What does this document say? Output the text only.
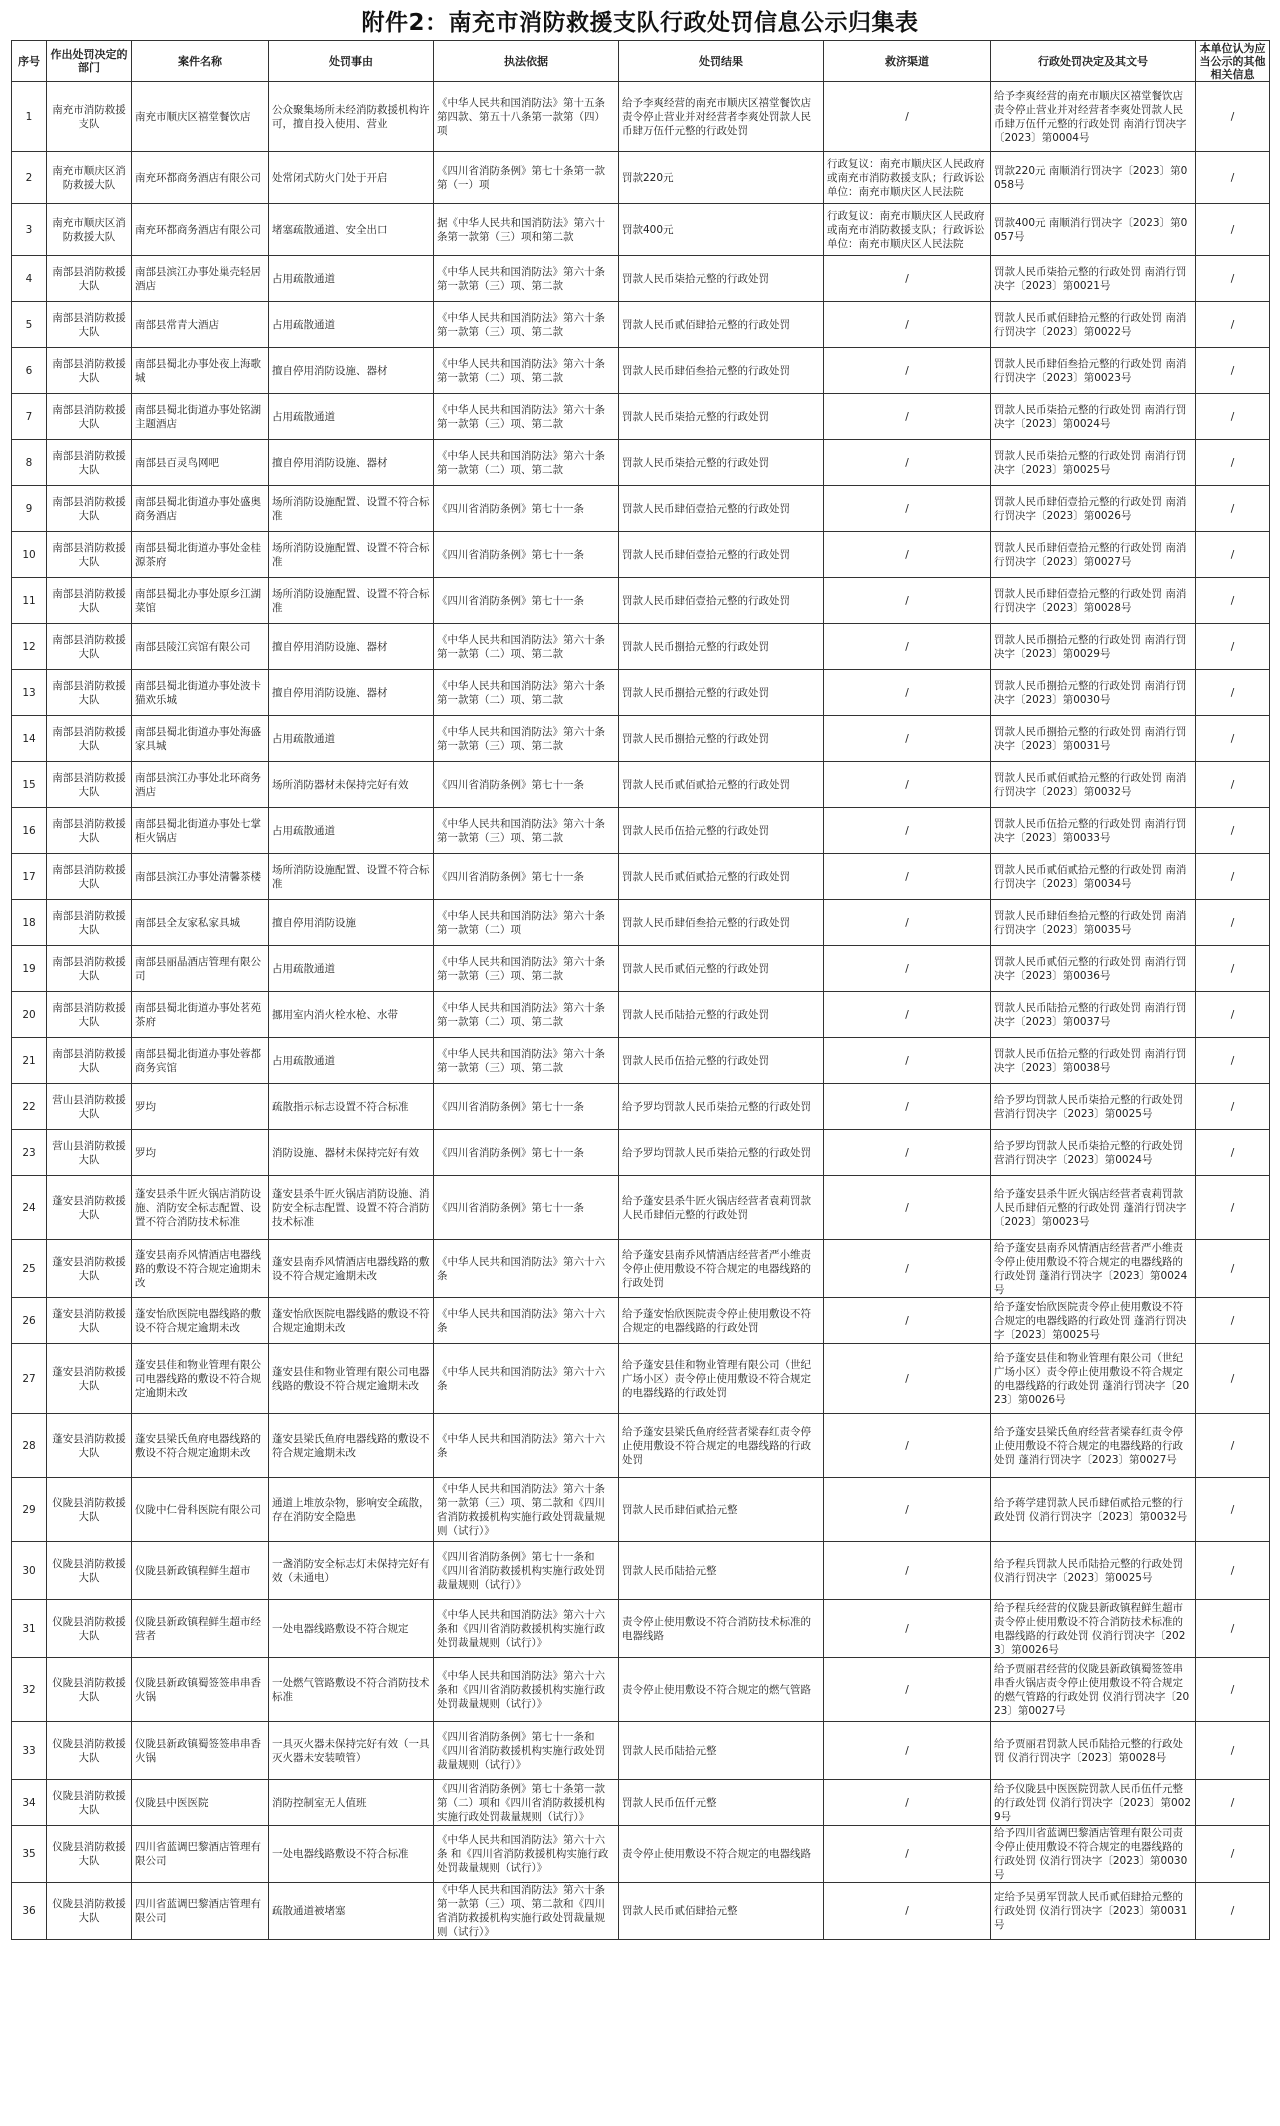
附件2：南充市消防救援支队行政处罚信息公示归集表
序号	作出处罚决定的部门	案件名称	处罚事由	执法依据	处罚结果	救济渠道	行政处罚决定及其文号	本单位认为应当公示的其他相关信息
1	南充市消防救援支队	南充市顺庆区禧堂餐饮店	公众聚集场所未经消防救援机构许可，擅自投入使用、营业	《中华人民共和国消防法》第十五条第四款、第五十八条第一款第（四）项	给予李爽经营的南充市顺庆区禧堂餐饮店责令停止营业并对经营者李爽处罚款人民币肆万伍仟元整的行政处罚	/	给予李爽经营的南充市顺庆区禧堂餐饮店责令停止营业并对经营者李爽处罚款人民币肆万伍仟元整的行政处罚 南消行罚决字〔2023〕第0004号	/
2	南充市顺庆区消防救援大队	南充环都商务酒店有限公司	处常闭式防火门处于开启	《四川省消防条例》第七十条第一款第（一）项	罚款220元	行政复议：南充市顺庆区人民政府或南充市消防救援支队；行政诉讼单位：南充市顺庆区人民法院	罚款220元 南顺消行罚决字〔2023〕第0058号	/
3	南充市顺庆区消防救援大队	南充环都商务酒店有限公司	堵塞疏散通道、安全出口	据《中华人民共和国消防法》第六十条第一款第（三）项和第二款	罚款400元	行政复议：南充市顺庆区人民政府或南充市消防救援支队；行政诉讼单位：南充市顺庆区人民法院	罚款400元 南顺消行罚决字〔2023〕第0057号	/
4	南部县消防救援大队	南部县滨江办事处巢壳轻居酒店	占用疏散通道	《中华人民共和国消防法》第六十条第一款第（三）项、第二款	罚款人民币柒拾元整的行政处罚	/	罚款人民币柒拾元整的行政处罚 南消行罚决字〔2023〕第0021号	/
5	南部县消防救援大队	南部县常青大酒店	占用疏散通道	《中华人民共和国消防法》第六十条第一款第（三）项、第二款	罚款人民币贰佰肆拾元整的行政处罚	/	罚款人民币贰佰肆拾元整的行政处罚 南消行罚决字〔2023〕第0022号	/
6	南部县消防救援大队	南部县蜀北办事处夜上海歌城	擅自停用消防设施、器材	《中华人民共和国消防法》第六十条第一款第（二）项、第二款	罚款人民币肆佰叁拾元整的行政处罚	/	罚款人民币肆佰叁拾元整的行政处罚 南消行罚决字〔2023〕第0023号	/
7	南部县消防救援大队	南部县蜀北街道办事处铭湖主题酒店	占用疏散通道	《中华人民共和国消防法》第六十条第一款第（三）项、第二款	罚款人民币柒拾元整的行政处罚	/	罚款人民币柒拾元整的行政处罚 南消行罚决字〔2023〕第0024号	/
8	南部县消防救援大队	南部县百灵鸟网吧	擅自停用消防设施、器材	《中华人民共和国消防法》第六十条第一款第（二）项、第二款	罚款人民币柒拾元整的行政处罚	/	罚款人民币柒拾元整的行政处罚 南消行罚决字〔2023〕第0025号	/
9	南部县消防救援大队	南部县蜀北街道办事处盛奥商务酒店	场所消防设施配置、设置不符合标准	《四川省消防条例》第七十一条	罚款人民币肆佰壹拾元整的行政处罚	/	罚款人民币肆佰壹拾元整的行政处罚 南消行罚决字〔2023〕第0026号	/
10	南部县消防救援大队	南部县蜀北街道办事处金桂源茶府	场所消防设施配置、设置不符合标准	《四川省消防条例》第七十一条	罚款人民币肆佰壹拾元整的行政处罚	/	罚款人民币肆佰壹拾元整的行政处罚 南消行罚决字〔2023〕第0027号	/
11	南部县消防救援大队	南部县蜀北办事处原乡江湖菜馆	场所消防设施配置、设置不符合标准	《四川省消防条例》第七十一条	罚款人民币肆佰壹拾元整的行政处罚	/	罚款人民币肆佰壹拾元整的行政处罚 南消行罚决字〔2023〕第0028号	/
12	南部县消防救援大队	南部县陵江宾馆有限公司	擅自停用消防设施、器材	《中华人民共和国消防法》第六十条第一款第（二）项、第二款	罚款人民币捌拾元整的行政处罚	/	罚款人民币捌拾元整的行政处罚 南消行罚决字〔2023〕第0029号	/
13	南部县消防救援大队	南部县蜀北街道办事处波卡猫欢乐城	擅自停用消防设施、器材	《中华人民共和国消防法》第六十条第一款第（二）项、第二款	罚款人民币捌拾元整的行政处罚	/	罚款人民币捌拾元整的行政处罚 南消行罚决字〔2023〕第0030号	/
14	南部县消防救援大队	南部县蜀北街道办事处海盛家具城	占用疏散通道	《中华人民共和国消防法》第六十条第一款第（三）项、第二款	罚款人民币捌拾元整的行政处罚	/	罚款人民币捌拾元整的行政处罚 南消行罚决字〔2023〕第0031号	/
15	南部县消防救援大队	南部县滨江办事处北环商务酒店	场所消防器材未保持完好有效	《四川省消防条例》第七十一条	罚款人民币贰佰贰拾元整的行政处罚	/	罚款人民币贰佰贰拾元整的行政处罚 南消行罚决字〔2023〕第0032号	/
16	南部县消防救援大队	南部县蜀北街道办事处七掌柜火锅店	占用疏散通道	《中华人民共和国消防法》第六十条第一款第（三）项、第二款	罚款人民币伍拾元整的行政处罚	/	罚款人民币伍拾元整的行政处罚 南消行罚决字〔2023〕第0033号	/
17	南部县消防救援大队	南部县滨江办事处清馨茶楼	场所消防设施配置、设置不符合标准	《四川省消防条例》第七十一条	罚款人民币贰佰贰拾元整的行政处罚	/	罚款人民币贰佰贰拾元整的行政处罚 南消行罚决字〔2023〕第0034号	/
18	南部县消防救援大队	南部县全友家私家具城	擅自停用消防设施	《中华人民共和国消防法》第六十条第一款第（二）项	罚款人民币肆佰叁拾元整的行政处罚	/	罚款人民币肆佰叁拾元整的行政处罚 南消行罚决字〔2023〕第0035号	/
19	南部县消防救援大队	南部县丽晶酒店管理有限公司	占用疏散通道	《中华人民共和国消防法》第六十条第一款第（三）项、第二款	罚款人民币贰佰元整的行政处罚	/	罚款人民币贰佰元整的行政处罚 南消行罚决字〔2023〕第0036号	/
20	南部县消防救援大队	南部县蜀北街道办事处茗苑茶府	挪用室内消火栓水枪、水带	《中华人民共和国消防法》第六十条第一款第（二）项、第二款	罚款人民币陆拾元整的行政处罚	/	罚款人民币陆拾元整的行政处罚 南消行罚决字〔2023〕第0037号	/
21	南部县消防救援大队	南部县蜀北街道办事处蓉都商务宾馆	占用疏散通道	《中华人民共和国消防法》第六十条第一款第（三）项、第二款	罚款人民币伍拾元整的行政处罚	/	罚款人民币伍拾元整的行政处罚 南消行罚决字〔2023〕第0038号	/
22	营山县消防救援大队	罗均	疏散指示标志设置不符合标准	《四川省消防条例》第七十一条	给予罗均罚款人民币柒拾元整的行政处罚	/	给予罗均罚款人民币柒拾元整的行政处罚 营消行罚决字〔2023〕第0025号	/
23	营山县消防救援大队	罗均	消防设施、器材未保持完好有效	《四川省消防条例》第七十一条	给予罗均罚款人民币柒拾元整的行政处罚	/	给予罗均罚款人民币柒拾元整的行政处罚 营消行罚决字〔2023〕第0024号	/
24	蓬安县消防救援大队	蓬安县杀牛匠火锅店消防设施、消防安全标志配置、设置不符合消防技术标准	蓬安县杀牛匠火锅店消防设施、消防安全标志配置、设置不符合消防技术标准	《四川省消防条例》第七十一条	给予蓬安县杀牛匠火锅店经营者袁莉罚款人民币肆佰元整的行政处罚	/	给予蓬安县杀牛匠火锅店经营者袁莉罚款人民币肆佰元整的行政处罚 蓬消行罚决字〔2023〕第0023号	/
25	蓬安县消防救援大队	蓬安县南乔风情酒店电器线路的敷设不符合规定逾期未改	蓬安县南乔风情酒店电器线路的敷设不符合规定逾期未改	《中华人民共和国消防法》第六十六条	给予蓬安县南乔风情酒店经营者严小维责令停止使用敷设不符合规定的电器线路的行政处罚	/	给予蓬安县南乔风情酒店经营者严小维责令停止使用敷设不符合规定的电器线路的行政处罚 蓬消行罚决字〔2023〕第0024号	/
26	蓬安县消防救援大队	蓬安怡欣医院电器线路的敷设不符合规定逾期未改	蓬安怡欣医院电器线路的敷设不符合规定逾期未改	《中华人民共和国消防法》第六十六条	给予蓬安怡欣医院责令停止使用敷设不符合规定的电器线路的行政处罚	/	给予蓬安怡欣医院责令停止使用敷设不符合规定的电器线路的行政处罚 蓬消行罚决字〔2023〕第0025号	/
27	蓬安县消防救援大队	蓬安县佳和物业管理有限公司电器线路的敷设不符合规定逾期未改	蓬安县佳和物业管理有限公司电器线路的敷设不符合规定逾期未改	《中华人民共和国消防法》第六十六条	给予蓬安县佳和物业管理有限公司（世纪广场小区）责令停止使用敷设不符合规定的电器线路的行政处罚	/	给予蓬安县佳和物业管理有限公司（世纪广场小区）责令停止使用敷设不符合规定的电器线路的行政处罚 蓬消行罚决字〔2023〕第0026号	/
28	蓬安县消防救援大队	蓬安县梁氏鱼府电器线路的敷设不符合规定逾期未改	蓬安县梁氏鱼府电器线路的敷设不符合规定逾期未改	《中华人民共和国消防法》第六十六条	给予蓬安县梁氏鱼府经营者梁春红责令停止使用敷设不符合规定的电器线路的行政处罚	/	给予蓬安县梁氏鱼府经营者梁春红责令停止使用敷设不符合规定的电器线路的行政处罚 蓬消行罚决字〔2023〕第0027号	/
29	仪陇县消防救援大队	仪陇中仁骨科医院有限公司	通道上堆放杂物，影响安全疏散，存在消防安全隐患	《中华人民共和国消防法》第六十条第一款第（三）项、第二款和《四川省消防救援机构实施行政处罚裁量规则（试行）》	罚款人民币肆佰贰拾元整	/	给予蒋学建罚款人民币肆佰贰拾元整的行政处罚 仪消行罚决字〔2023〕第0032号	/
30	仪陇县消防救援大队	仪陇县新政镇程鲜生超市	一盏消防安全标志灯未保持完好有效（未通电）	《四川省消防条例》第七十一条和《四川省消防救援机构实施行政处罚裁量规则（试行）》	罚款人民币陆拾元整	/	给予程兵罚款人民币陆拾元整的行政处罚 仪消行罚决字〔2023〕第0025号	/
31	仪陇县消防救援大队	仪陇县新政镇程鲜生超市经营者	一处电器线路敷设不符合规定	《中华人民共和国消防法》第六十六条和《四川省消防救援机构实施行政处罚裁量规则（试行）》	责令停止使用敷设不符合消防技术标准的电器线路	/	给予程兵经营的仪陇县新政镇程鲜生超市责令停止使用敷设不符合消防技术标准的电器线路的行政处罚 仪消行罚决字〔2023〕第0026号	/
32	仪陇县消防救援大队	仪陇县新政镇蜀签签串串香火锅	一处燃气管路敷设不符合消防技术标准	《中华人民共和国消防法》第六十六条和《四川省消防救援机构实施行政处罚裁量规则（试行）》	责令停止使用敷设不符合规定的燃气管路	/	给予贾丽君经营的仪陇县新政镇蜀签签串串香火锅店责令停止使用敷设不符合规定的燃气管路的行政处罚 仪消行罚决字〔2023〕第0027号	/
33	仪陇县消防救援大队	仪陇县新政镇蜀签签串串香火锅	一具灭火器未保持完好有效（一具灭火器未安装喷管）	《四川省消防条例》第七十一条和《四川省消防救援机构实施行政处罚裁量规则（试行）》	罚款人民币陆拾元整	/	给予贾丽君罚款人民币陆拾元整的行政处罚 仪消行罚决字〔2023〕第0028号	/
34	仪陇县消防救援大队	仪陇县中医医院	消防控制室无人值班	《四川省消防条例》第七十条第一款第（二）项和《四川省消防救援机构实施行政处罚裁量规则（试行）》	罚款人民币伍仟元整	/	给予仪陇县中医医院罚款人民币伍仟元整的行政处罚 仪消行罚决字〔2023〕第0029号	/
35	仪陇县消防救援大队	四川省蓝调巴黎酒店管理有限公司	一处电器线路敷设不符合标准	《中华人民共和国消防法》第六十六条 和《四川省消防救援机构实施行政处罚裁量规则（试行）》	责令停止使用敷设不符合规定的电器线路	/	给予四川省蓝调巴黎酒店管理有限公司责令停止使用敷设不符合规定的电器线路的行政处罚 仪消行罚决字〔2023〕第0030号	/
36	仪陇县消防救援大队	四川省蓝调巴黎酒店管理有限公司	疏散通道被堵塞	《中华人民共和国消防法》第六十条第一款第（三）项、第二款和《四川省消防救援机构实施行政处罚裁量规则（试行）》	罚款人民币贰佰肆拾元整	/	定给予吴勇军罚款人民币贰佰肆拾元整的行政处罚 仪消行罚决字〔2023〕第0031号	/
